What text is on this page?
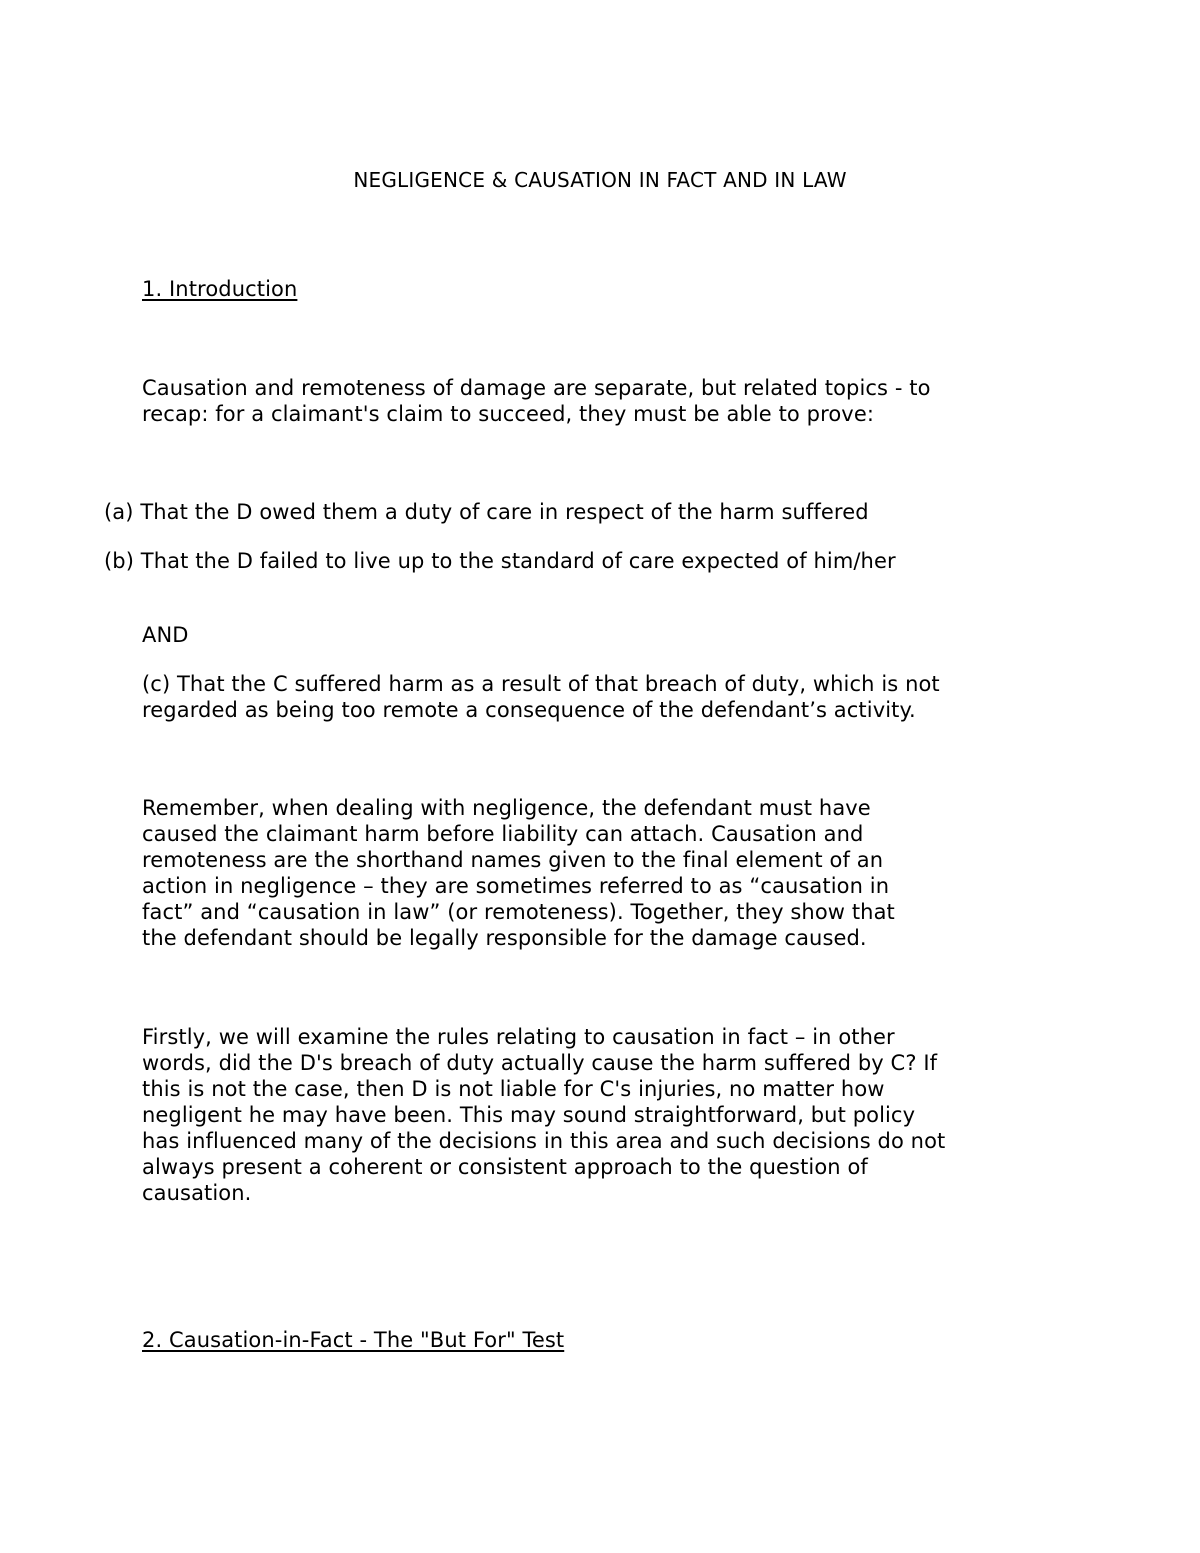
NEGLIGENCE & CAUSATION IN FACT AND IN LAW
1. Introduction
Causation and remoteness of damage are separate, but related topics - to
recap: for a claimant's claim to succeed, they must be able to prove:
(a) That the D owed them a duty of care in respect of the harm suffered
(b) That the D failed to live up to the standard of care expected of him/her
AND
(c) That the C suffered harm as a result of that breach of duty, which is not
regarded as being too remote a consequence of the defendant’s activity.
Remember, when dealing with negligence, the defendant must have
caused the claimant harm before liability can attach. Causation and
remoteness are the shorthand names given to the final element of an
action in negligence – they are sometimes referred to as “causation in
fact” and “causation in law” (or remoteness). Together, they show that
the defendant should be legally responsible for the damage caused.
Firstly, we will examine the rules relating to causation in fact – in other
words, did the D's breach of duty actually cause the harm suffered by C? If
this is not the case, then D is not liable for C's injuries, no matter how
negligent he may have been. This may sound straightforward, but policy
has influenced many of the decisions in this area and such decisions do not
always present a coherent or consistent approach to the question of
causation.
2. Causation-in-Fact - The "But For" Test
